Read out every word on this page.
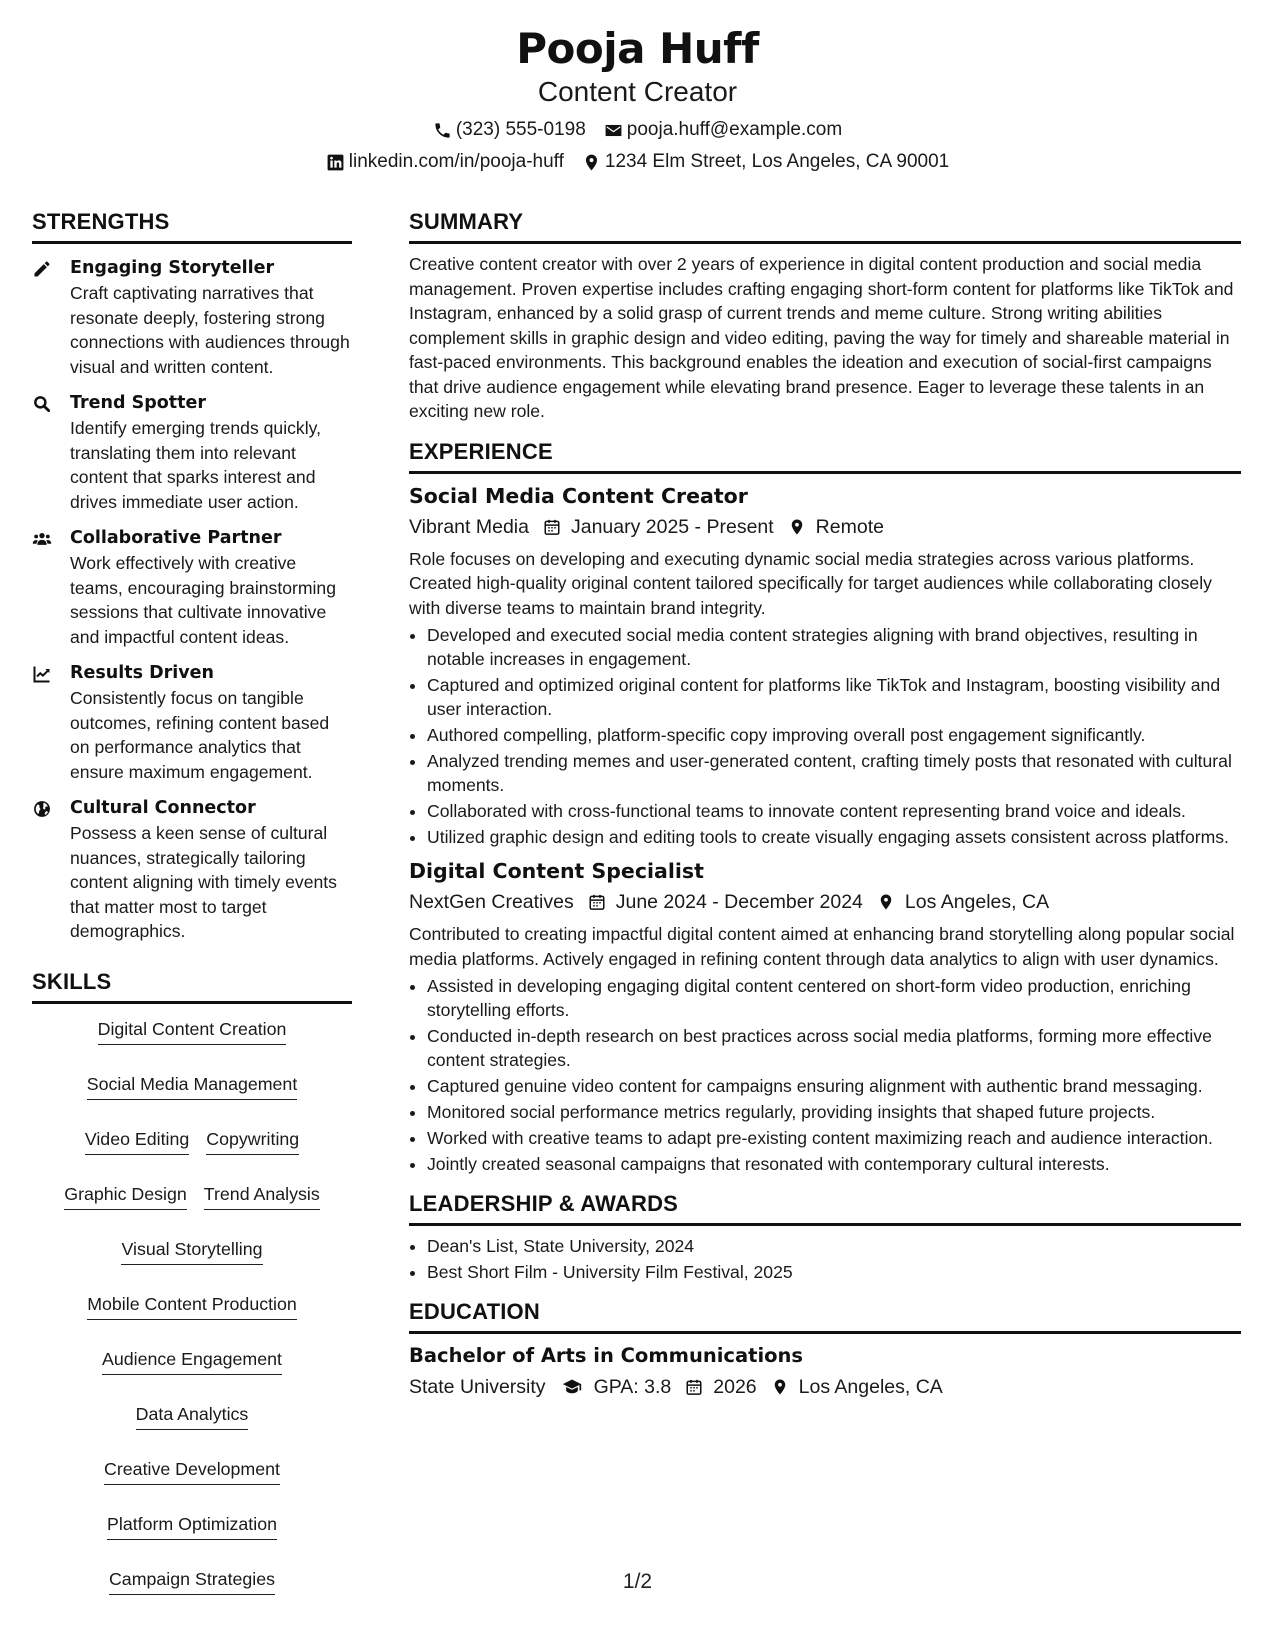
Pooja Huff
Content Creator
(323) 555-0198 pooja.huff@example.com
linkedin.com/in/pooja-huff 1234 Elm Street, Los Angeles, CA 90001
STRENGTHS
Engaging Storyteller
Craft captivating narratives that resonate deeply, fostering strong connections with audiences through visual and written content.
Trend Spotter
Identify emerging trends quickly, translating them into relevant content that sparks interest and drives immediate user action.
Collaborative Partner
Work effectively with creative teams, encouraging brainstorming sessions that cultivate innovative and impactful content ideas.
Results Driven
Consistently focus on tangible outcomes, refining content based on performance analytics that ensure maximum engagement.
Cultural Connector
Possess a keen sense of cultural nuances, strategically tailoring content aligning with timely events that matter most to target demographics.
SKILLS
Digital Content Creation
Social Media Management
Video Editing Copywriting
Graphic Design Trend Analysis
Visual Storytelling
Mobile Content Production
Audience Engagement
Data Analytics
Creative Development
Platform Optimization
Campaign Strategies
SUMMARY
Creative content creator with over 2 years of experience in digital content production and social media management. Proven expertise includes crafting engaging short-form content for platforms like TikTok and Instagram, enhanced by a solid grasp of current trends and meme culture. Strong writing abilities complement skills in graphic design and video editing, paving the way for timely and shareable material in fast-paced environments. This background enables the ideation and execution of social-first campaigns that drive audience engagement while elevating brand presence. Eager to leverage these talents in an exciting new role.
EXPERIENCE
Social Media Content Creator
Vibrant Media January 2025 - Present Remote
Role focuses on developing and executing dynamic social media strategies across various platforms. Created high-quality original content tailored specifically for target audiences while collaborating closely with diverse teams to maintain brand integrity.
• Developed and executed social media content strategies aligning with brand objectives, resulting in notable increases in engagement.
• Captured and optimized original content for platforms like TikTok and Instagram, boosting visibility and user interaction.
• Authored compelling, platform-specific copy improving overall post engagement significantly.
• Analyzed trending memes and user-generated content, crafting timely posts that resonated with cultural moments.
• Collaborated with cross-functional teams to innovate content representing brand voice and ideals.
• Utilized graphic design and editing tools to create visually engaging assets consistent across platforms.
Digital Content Specialist
NextGen Creatives June 2024 - December 2024 Los Angeles, CA
Contributed to creating impactful digital content aimed at enhancing brand storytelling along popular social media platforms. Actively engaged in refining content through data analytics to align with user dynamics.
• Assisted in developing engaging digital content centered on short-form video production, enriching storytelling efforts.
• Conducted in-depth research on best practices across social media platforms, forming more effective content strategies.
• Captured genuine video content for campaigns ensuring alignment with authentic brand messaging.
• Monitored social performance metrics regularly, providing insights that shaped future projects.
• Worked with creative teams to adapt pre-existing content maximizing reach and audience interaction.
• Jointly created seasonal campaigns that resonated with contemporary cultural interests.
LEADERSHIP & AWARDS
• Dean's List, State University, 2024
• Best Short Film - University Film Festival, 2025
EDUCATION
Bachelor of Arts in Communications
State University GPA: 3.8 2026 Los Angeles, CA
1/2
